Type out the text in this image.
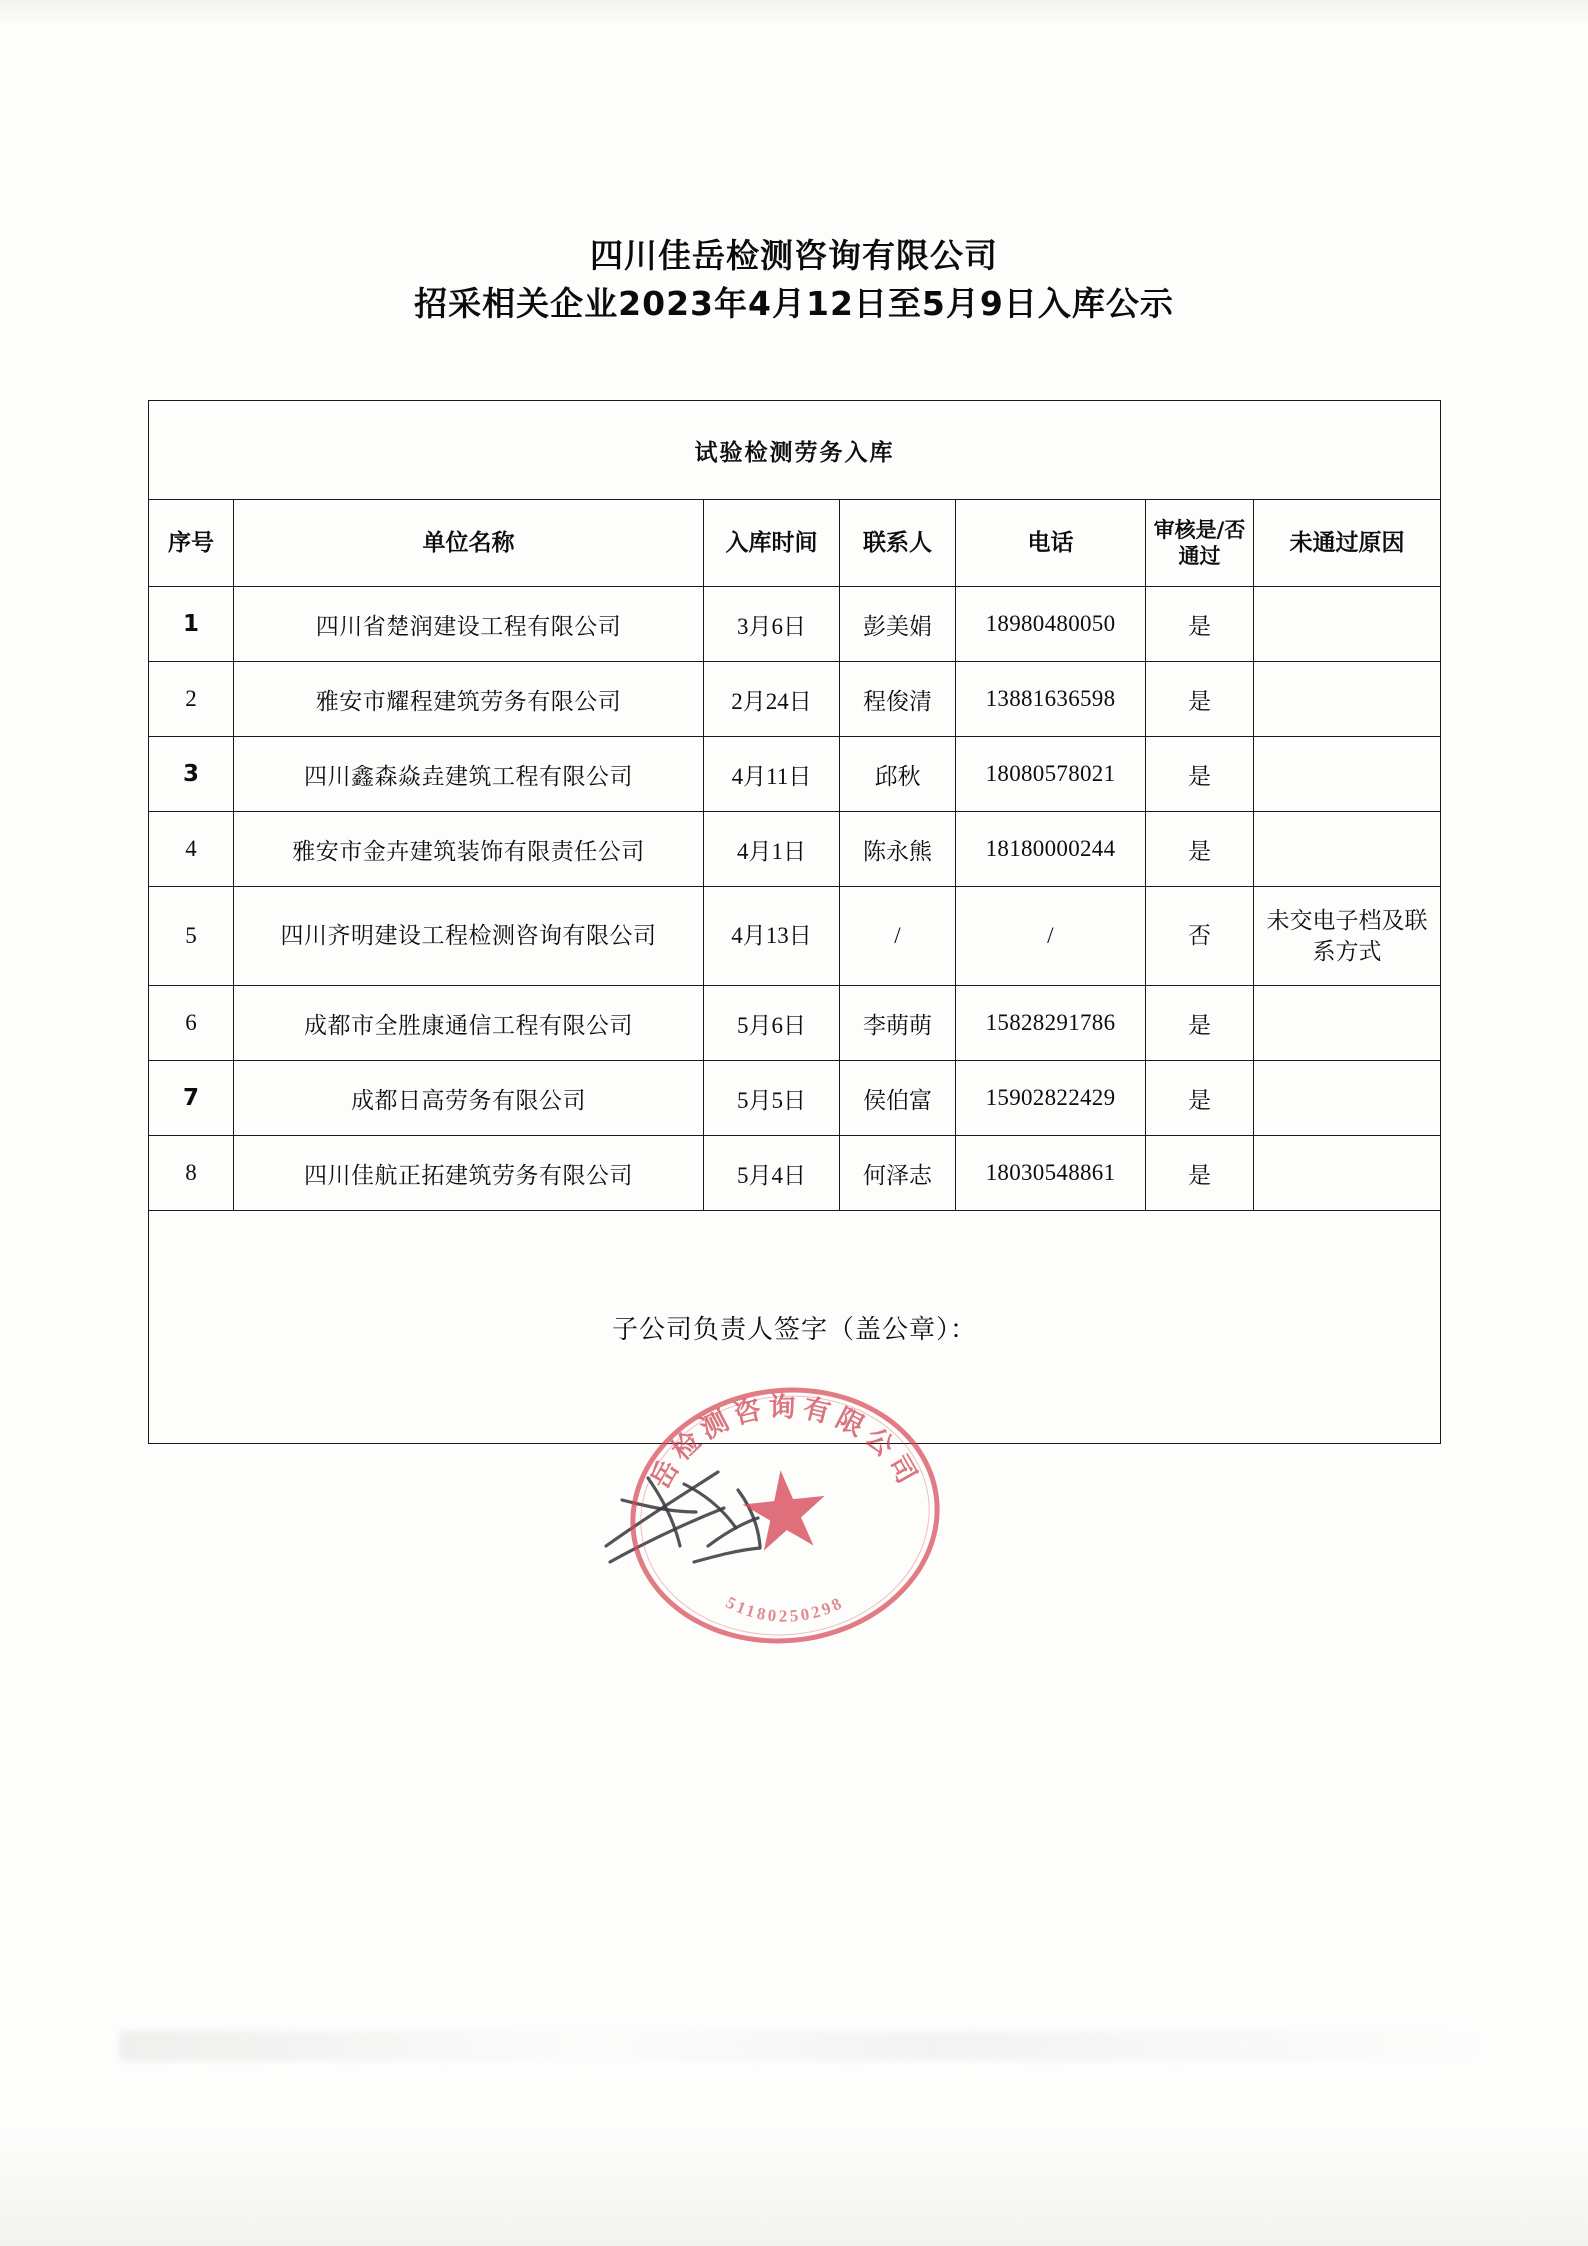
四川佳岳检测咨询有限公司
招采相关企业2023年4月12日至5月9日入库公示
试验检测劳务入库						
序号	单位名称	入库时间	联系人	电话	审核是/否通过	未通过原因
1	四川省楚润建设工程有限公司	3月6日	彭美娟	18980480050	是	
2	雅安市耀程建筑劳务有限公司	2月24日	程俊清	13881636598	是	
3	四川鑫森焱垚建筑工程有限公司	4月11日	邱秋	18080578021	是	
4	雅安市金卉建筑装饰有限责任公司	4月1日	陈永熊	18180000244	是	
5	四川齐明建设工程检测咨询有限公司	4月13日	/	/	否	未交电子档及联系方式
6	成都市全胜康通信工程有限公司	5月6日	李萌萌	15828291786	是	
7	成都日高劳务有限公司	5月5日	侯伯富	15902822429	是	
8	四川佳航正拓建筑劳务有限公司	5月4日	何泽志	18030548861	是	
子公司负责人签字（盖公章）：						
岳检测咨询有限公司
51180250298
